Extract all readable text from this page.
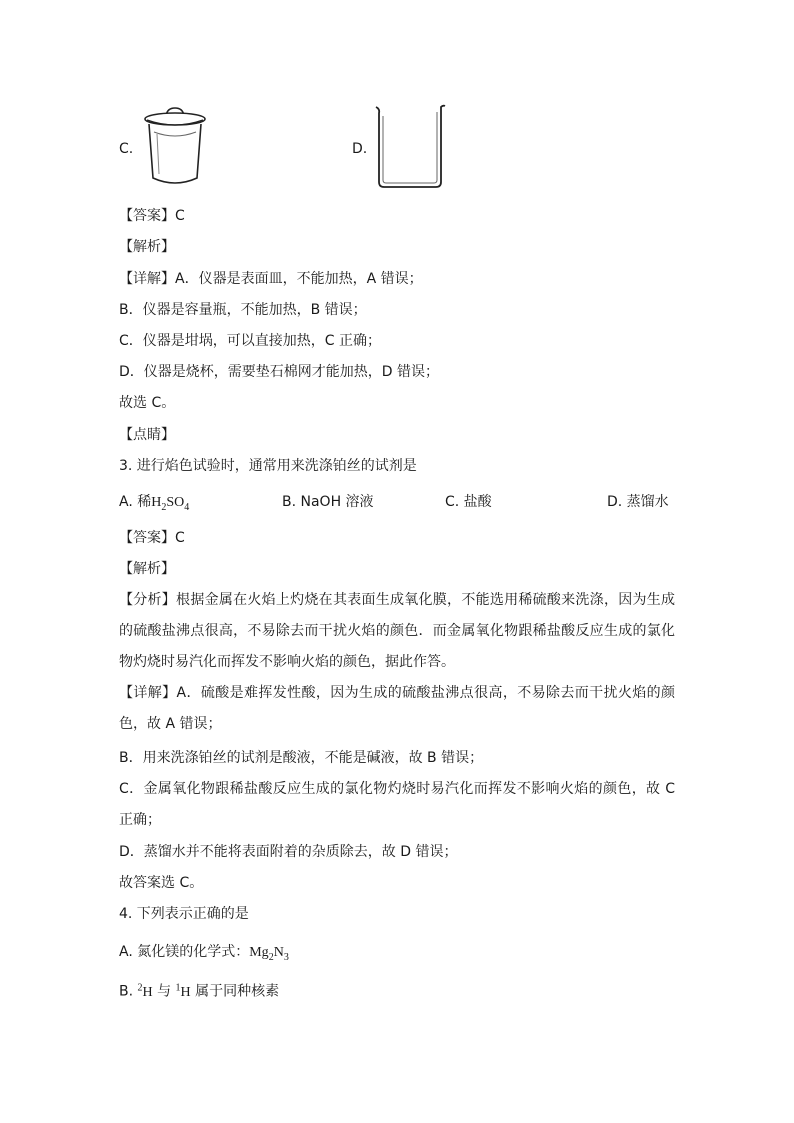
C.	D.
【答案】C
【解析】
【详解】A．仪器是表面皿，不能加热，A 错误；
B．仪器是容量瓶，不能加热，B 错误；
C．仪器是坩埚，可以直接加热，C 正确；
D．仪器是烧杯，需要垫石棉网才能加热，D 错误；
故选 C。
【点睛】
3. 进行焰色试验时，通常用来洗涤铂丝的试剂是
A. 稀$H_2SO_4$	B. NaOH 溶液	C. 盐酸	D. 蒸馏水
【答案】C
【解析】
【分析】根据金属在火焰上灼烧在其表面生成氧化膜，不能选用稀硫酸来洗涤，因为生成的硫酸盐沸点很高，不易除去而干扰火焰的颜色．而金属氧化物跟稀盐酸反应生成的氯化物灼烧时易汽化而挥发不影响火焰的颜色，据此作答。
【详解】A．硫酸是难挥发性酸，因为生成的硫酸盐沸点很高，不易除去而干扰火焰的颜色，故 A 错误；
B．用来洗涤铂丝的试剂是酸液，不能是碱液，故 B 错误；
C．金属氧化物跟稀盐酸反应生成的氯化物灼烧时易汽化而挥发不影响火焰的颜色，故 C 正确；
D．蒸馏水并不能将表面附着的杂质除去，故 D 错误；
故答案选 C。
4. 下列表示正确的是
A. 氮化镁的化学式：$Mg_2N_3$
B. $^2$H 与 $^1$H 属于同种核素
